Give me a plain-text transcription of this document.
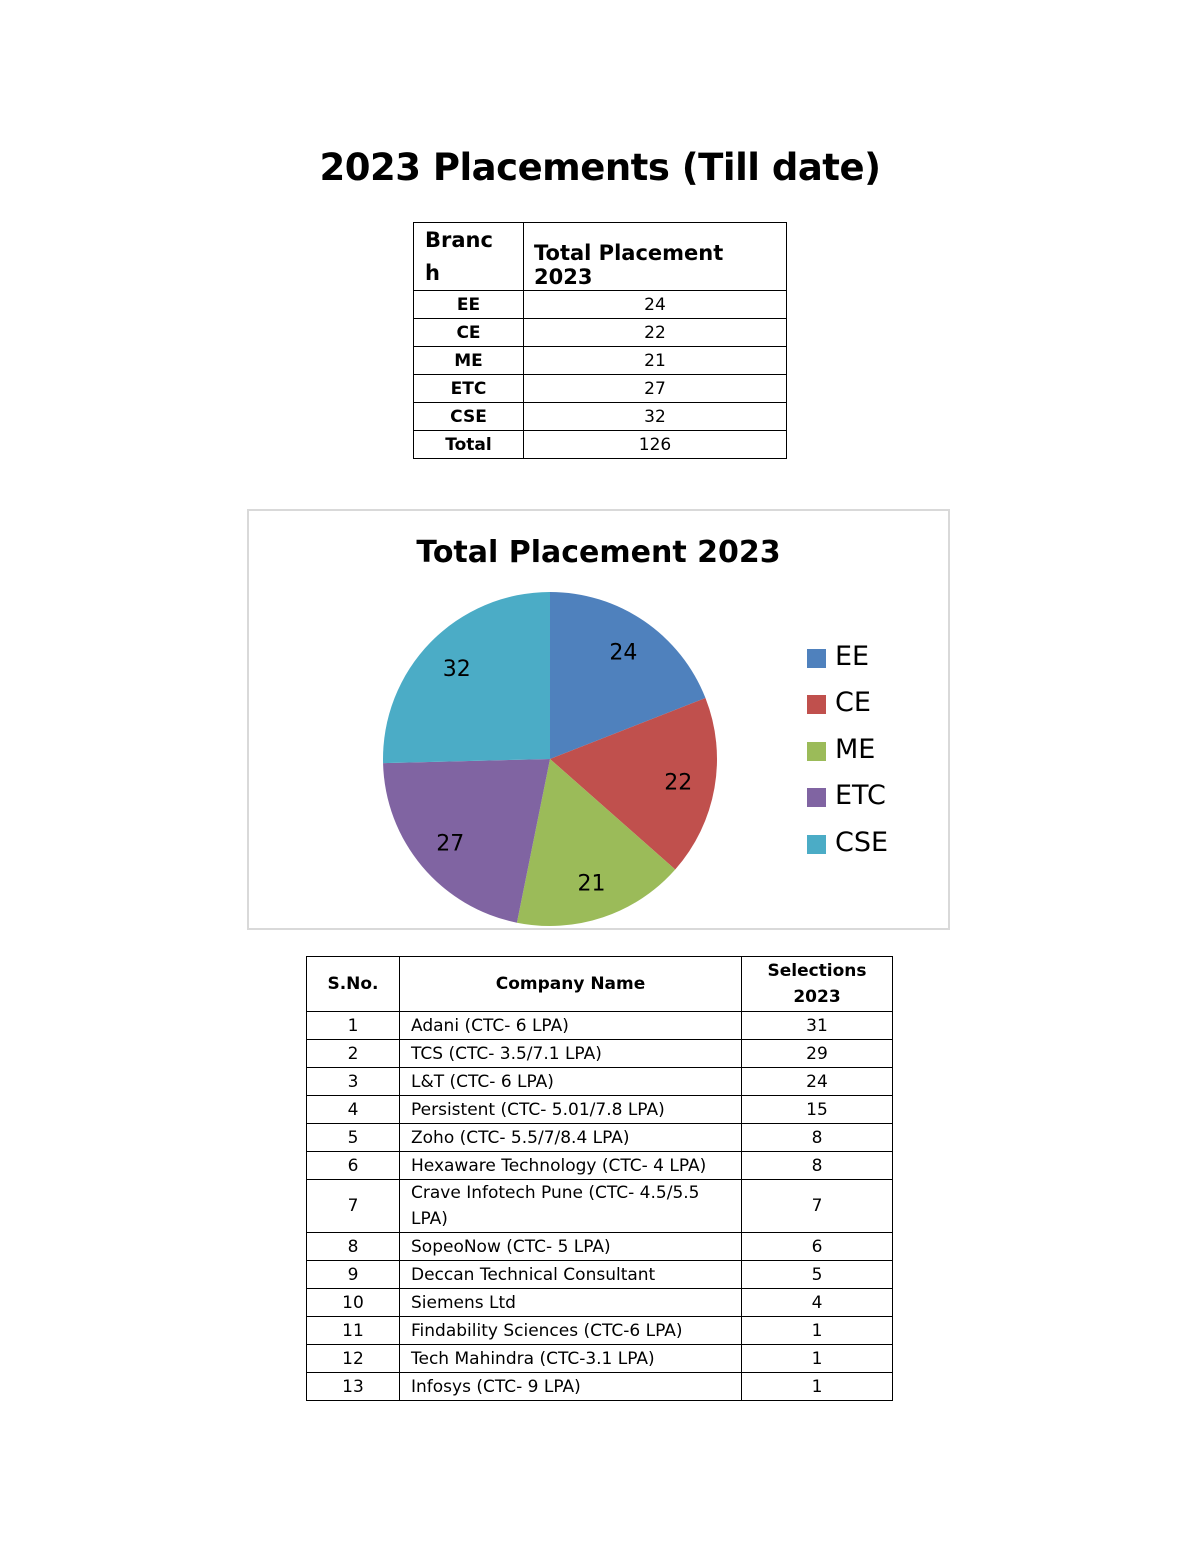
2023 Placements (Till date)
Branc
h	Total Placement 2023
EE	24
CE	22
ME	21
ETC	27
CSE	32
Total	126
Total Placement 2023
24
22
21
27
32	EE
CE
ME
ETC
CSE
S.No.	Company Name	Selections
2023
1	Adani (CTC- 6 LPA)	31
2	TCS (CTC- 3.5/7.1 LPA)	29
3	L&T (CTC- 6 LPA)	24
4	Persistent (CTC- 5.01/7.8 LPA)	15
5	Zoho (CTC- 5.5/7/8.4 LPA)	8
6	Hexaware Technology (CTC- 4 LPA)	8
7	Crave Infotech Pune (CTC- 4.5/5.5 LPA)	7
8	SopeoNow (CTC- 5 LPA)	6
9	Deccan Technical Consultant	5
10	Siemens Ltd	4
11	Findability Sciences (CTC-6 LPA)	1
12	Tech Mahindra (CTC-3.1 LPA)	1
13	Infosys (CTC- 9 LPA)	1
